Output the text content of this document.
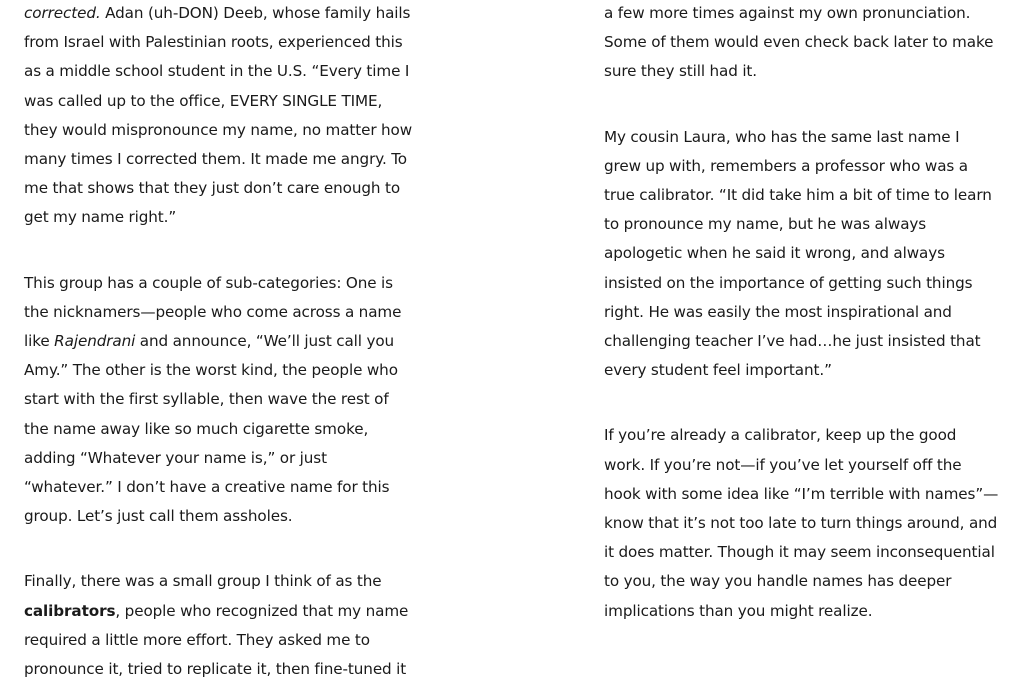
corrected. Adan (uh-DON) Deeb, whose family hails from Israel with Palestinian roots, experienced this as a middle school student in the U.S. “Every time I was called up to the office, EVERY SINGLE TIME, they would mispronounce my name, no matter how many times I corrected them. It made me angry. To me that shows that they just don’t care enough to get my name right.”

This group has a couple of sub-categories: One is the nicknamers—people who come across a name like Rajendrani and announce, “We’ll just call you Amy.” The other is the worst kind, the people who start with the first syllable, then wave the rest of the name away like so much cigarette smoke, adding “Whatever your name is,” or just “whatever.” I don’t have a creative name for this group. Let’s just call them assholes.

Finally, there was a small group I think of as the calibrators, people who recognized that my name required a little more effort. They asked me to pronounce it, tried to replicate it, then fine-tuned it

a few more times against my own pronunciation. Some of them would even check back later to make sure they still had it.

My cousin Laura, who has the same last name I grew up with, remembers a professor who was a true calibrator. “It did take him a bit of time to learn to pronounce my name, but he was always apologetic when he said it wrong, and always insisted on the importance of getting such things right. He was easily the most inspirational and challenging teacher I’ve had…he just insisted that every student feel important.”

If you’re already a calibrator, keep up the good work. If you’re not—if you’ve let yourself off the hook with some idea like “I’m terrible with names”—know that it’s not too late to turn things around, and it does matter. Though it may seem inconsequential to you, the way you handle names has deeper implications than you might realize.
